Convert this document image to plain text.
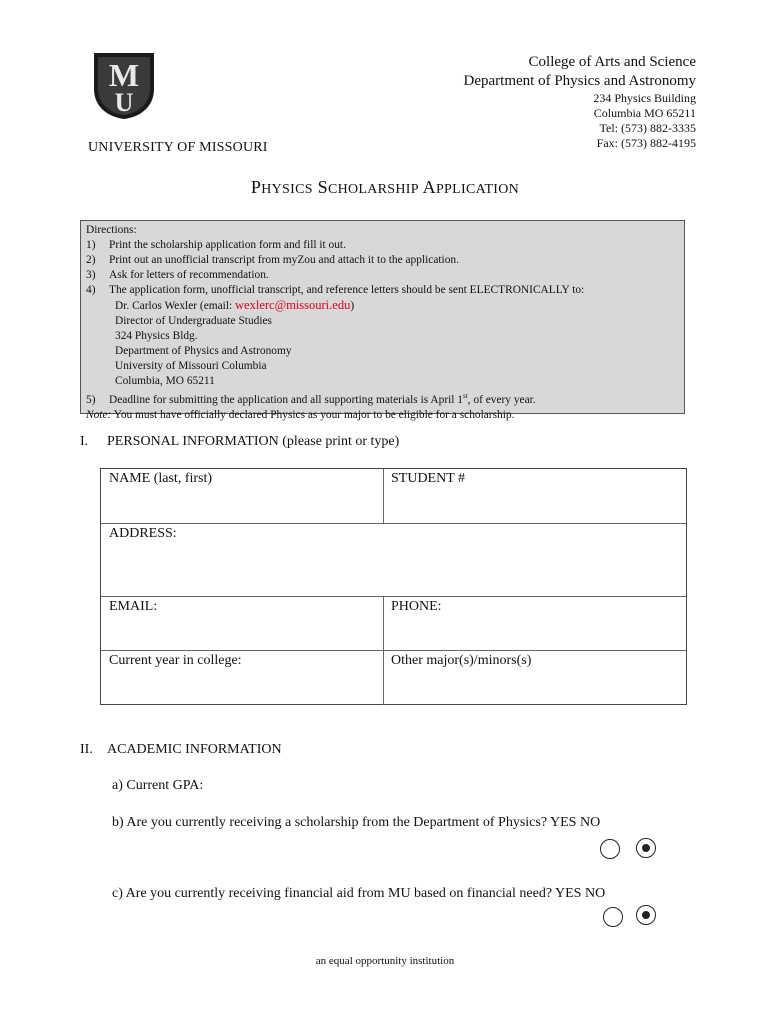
M
U
UNIVERSITY OF MISSOURI
College of Arts and Science
Department of Physics and Astronomy
234 Physics Building
Columbia MO 65211
Tel: (573) 882-3335
Fax: (573) 882-4195
PHYSICS SCHOLARSHIP APPLICATION
Directions:
1) Print the scholarship application form and fill it out.
2) Print out an unofficial transcript from myZou and attach it to the application.
3) Ask for letters of recommendation.
4) The application form, unofficial transcript, and reference letters should be sent ELECTRONICALLY to:
Dr. Carlos Wexler (email: wexlerc@missouri.edu)
Director of Undergraduate Studies
324 Physics Bldg.
Department of Physics and Astronomy
University of Missouri Columbia
Columbia, MO 65211
5) Deadline for submitting the application and all supporting materials is April 1st, of every year.
Note: You must have officially declared Physics as your major to be eligible for a scholarship.
I. PERSONAL INFORMATION (please print or type)
NAME (last, first)	STUDENT #
ADDRESS:
EMAIL:	PHONE:
Current year in college:	Other major(s)/minors(s)
II. ACADEMIC INFORMATION
a) Current GPA:
b) Are you currently receiving a scholarship from the Department of Physics? YES NO
c) Are you currently receiving financial aid from MU based on financial need? YES NO
an equal opportunity institution
